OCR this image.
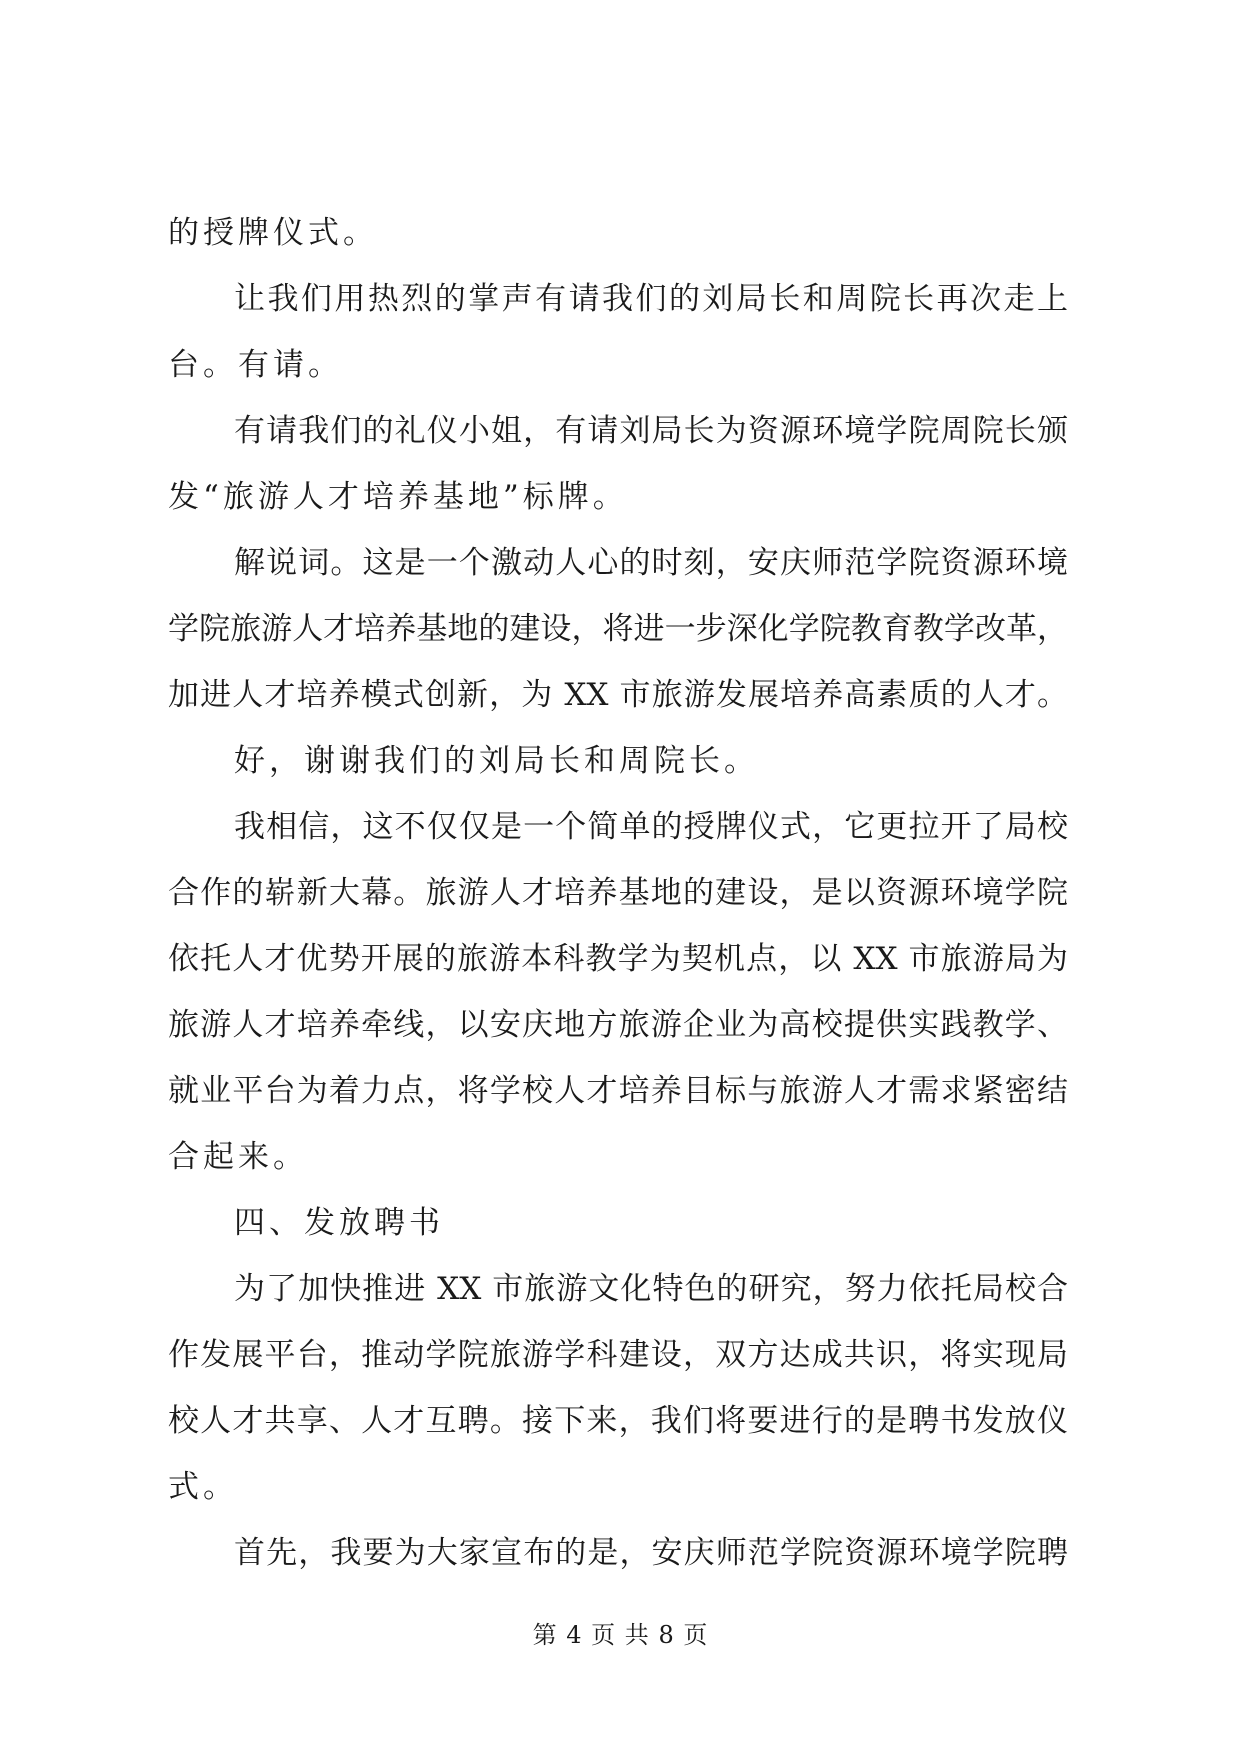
的授牌仪式。
让我们用热烈的掌声有请我们的刘局长和周院长再次走上
台。有请。
有请我们的礼仪小姐，有请刘局长为资源环境学院周院长颁
发“旅游人才培养基地”标牌。
解说词。这是一个激动人心的时刻，安庆师范学院资源环境
学院旅游人才培养基地的建设，将进一步深化学院教育教学改革，
加进人才培养模式创新，为 XX 市旅游发展培养高素质的人才。
好，谢谢我们的刘局长和周院长。
我相信，这不仅仅是一个简单的授牌仪式，它更拉开了局校
合作的崭新大幕。旅游人才培养基地的建设，是以资源环境学院
依托人才优势开展的旅游本科教学为契机点，以 XX 市旅游局为
旅游人才培养牵线，以安庆地方旅游企业为高校提供实践教学、
就业平台为着力点，将学校人才培养目标与旅游人才需求紧密结
合起来。
四、发放聘书
为了加快推进 XX 市旅游文化特色的研究，努力依托局校合
作发展平台，推动学院旅游学科建设，双方达成共识，将实现局
校人才共享、人才互聘。接下来，我们将要进行的是聘书发放仪
式。
首先，我要为大家宣布的是，安庆师范学院资源环境学院聘
第 4 页 共 8 页
